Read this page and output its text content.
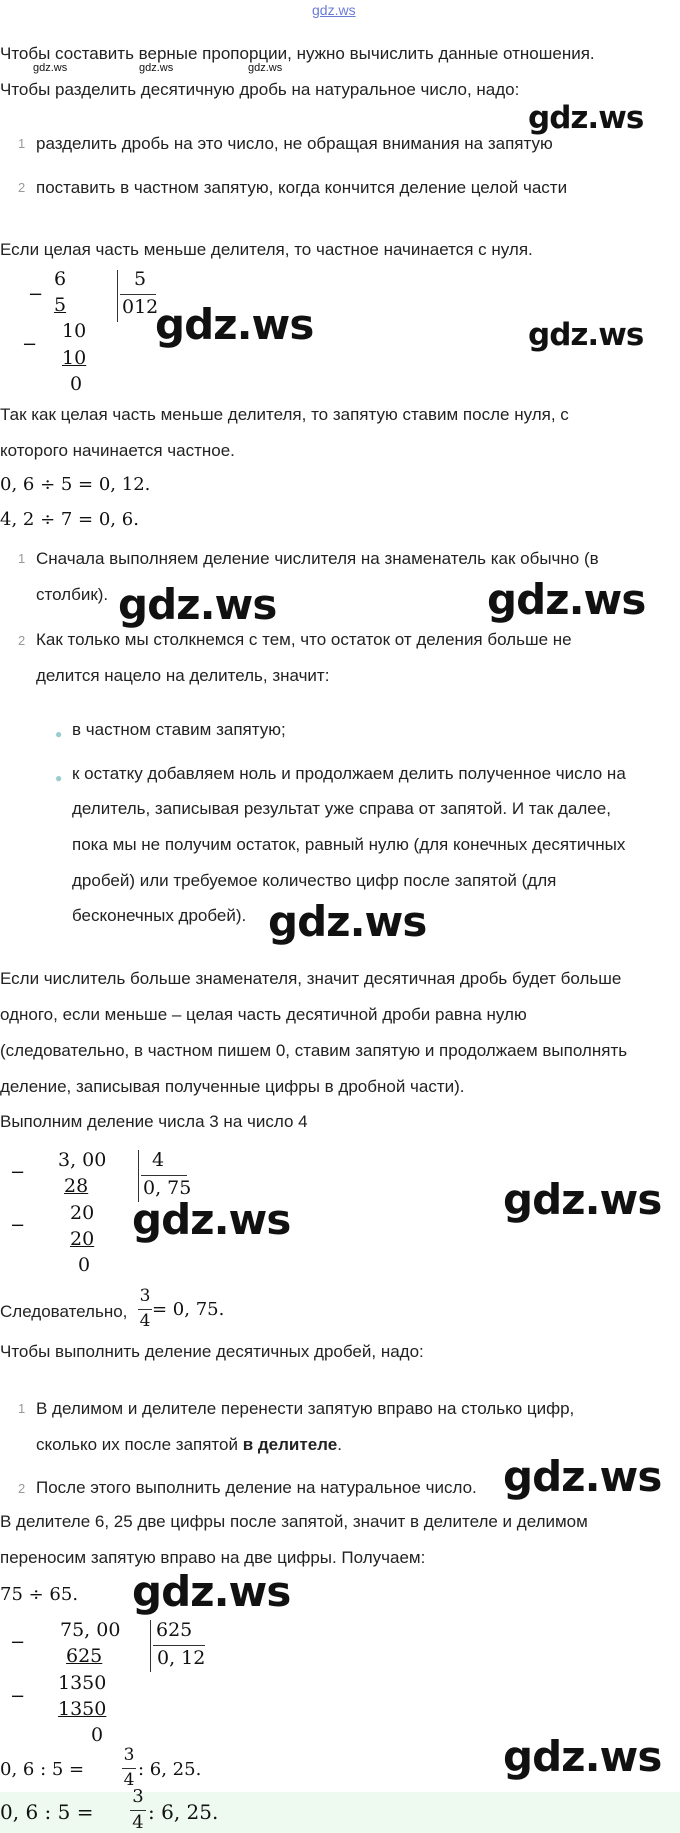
gdz.ws
Чтобы составить верные пропорции, нужно вычислить данные отношения.
gdz.ws	gdz.ws	gdz.ws
Чтобы разделить десятичную дробь на натуральное число, надо:
gdz.ws
1 разделить дробь на это число, не обращая внимания на запятую
2 поставить в частном запятую, когда кончится деление целой части
Если целая часть меньше делителя, то частное начинается с нуля.
−
6
5
−
10
10
0
5
012
gdz.ws	gdz.ws
Так как целая часть меньше делителя, то запятую ставим после нуля, с
которого начинается частное.
0, 6 ÷ 5 = 0, 12.
4, 2 ÷ 7 = 0, 6.
1 Сначала выполняем деление числителя на знаменатель как обычно (в
столбик). gdz.ws	gdz.ws
2 Как только мы столкнемся с тем, что остаток от деления больше не
делится нацело на делитель, значит:
● в частном ставим запятую;
● к остатку добавляем ноль и продолжаем делить полученное число на
делитель, записывая результат уже справа от запятой. И так далее,
пока мы не получим остаток, равный нулю (для конечных десятичных
дробей) или требуемое количество цифр после запятой (для
бесконечных дробей). gdz.ws
Если числитель больше знаменателя, значит десятичная дробь будет больше
одного, если меньше – целая часть десятичной дроби равна нулю
(следовательно, в частном пишем 0, ставим запятую и продолжаем выполнять
деление, записывая полученные цифры в дробной части).
Выполним деление числа 3 на число 4
−
3, 00
28
−
20
20
0
4
0, 75	gdz.ws
gdz.ws
Следовательно,
3
4
= 0, 75.
Чтобы выполнить деление десятичных дробей, надо:
1 В делимом и делителе перенести запятую вправо на столько цифр,
сколько их после запятой в делителе.
2 После этого выполнить деление на натуральное число. gdz.ws
В делителе 6, 25 две цифры после запятой, значит в делителе и делимом
переносим запятую вправо на две цифры. Получаем:
75 ÷ 65. gdz.ws
−
75, 00
625
−
1350
1350
0
625
0, 12
0, 6 : 5 =
3
4 : 6, 25.	gdz.ws
0, 6 : 5 =
3
4 : 6, 25.
